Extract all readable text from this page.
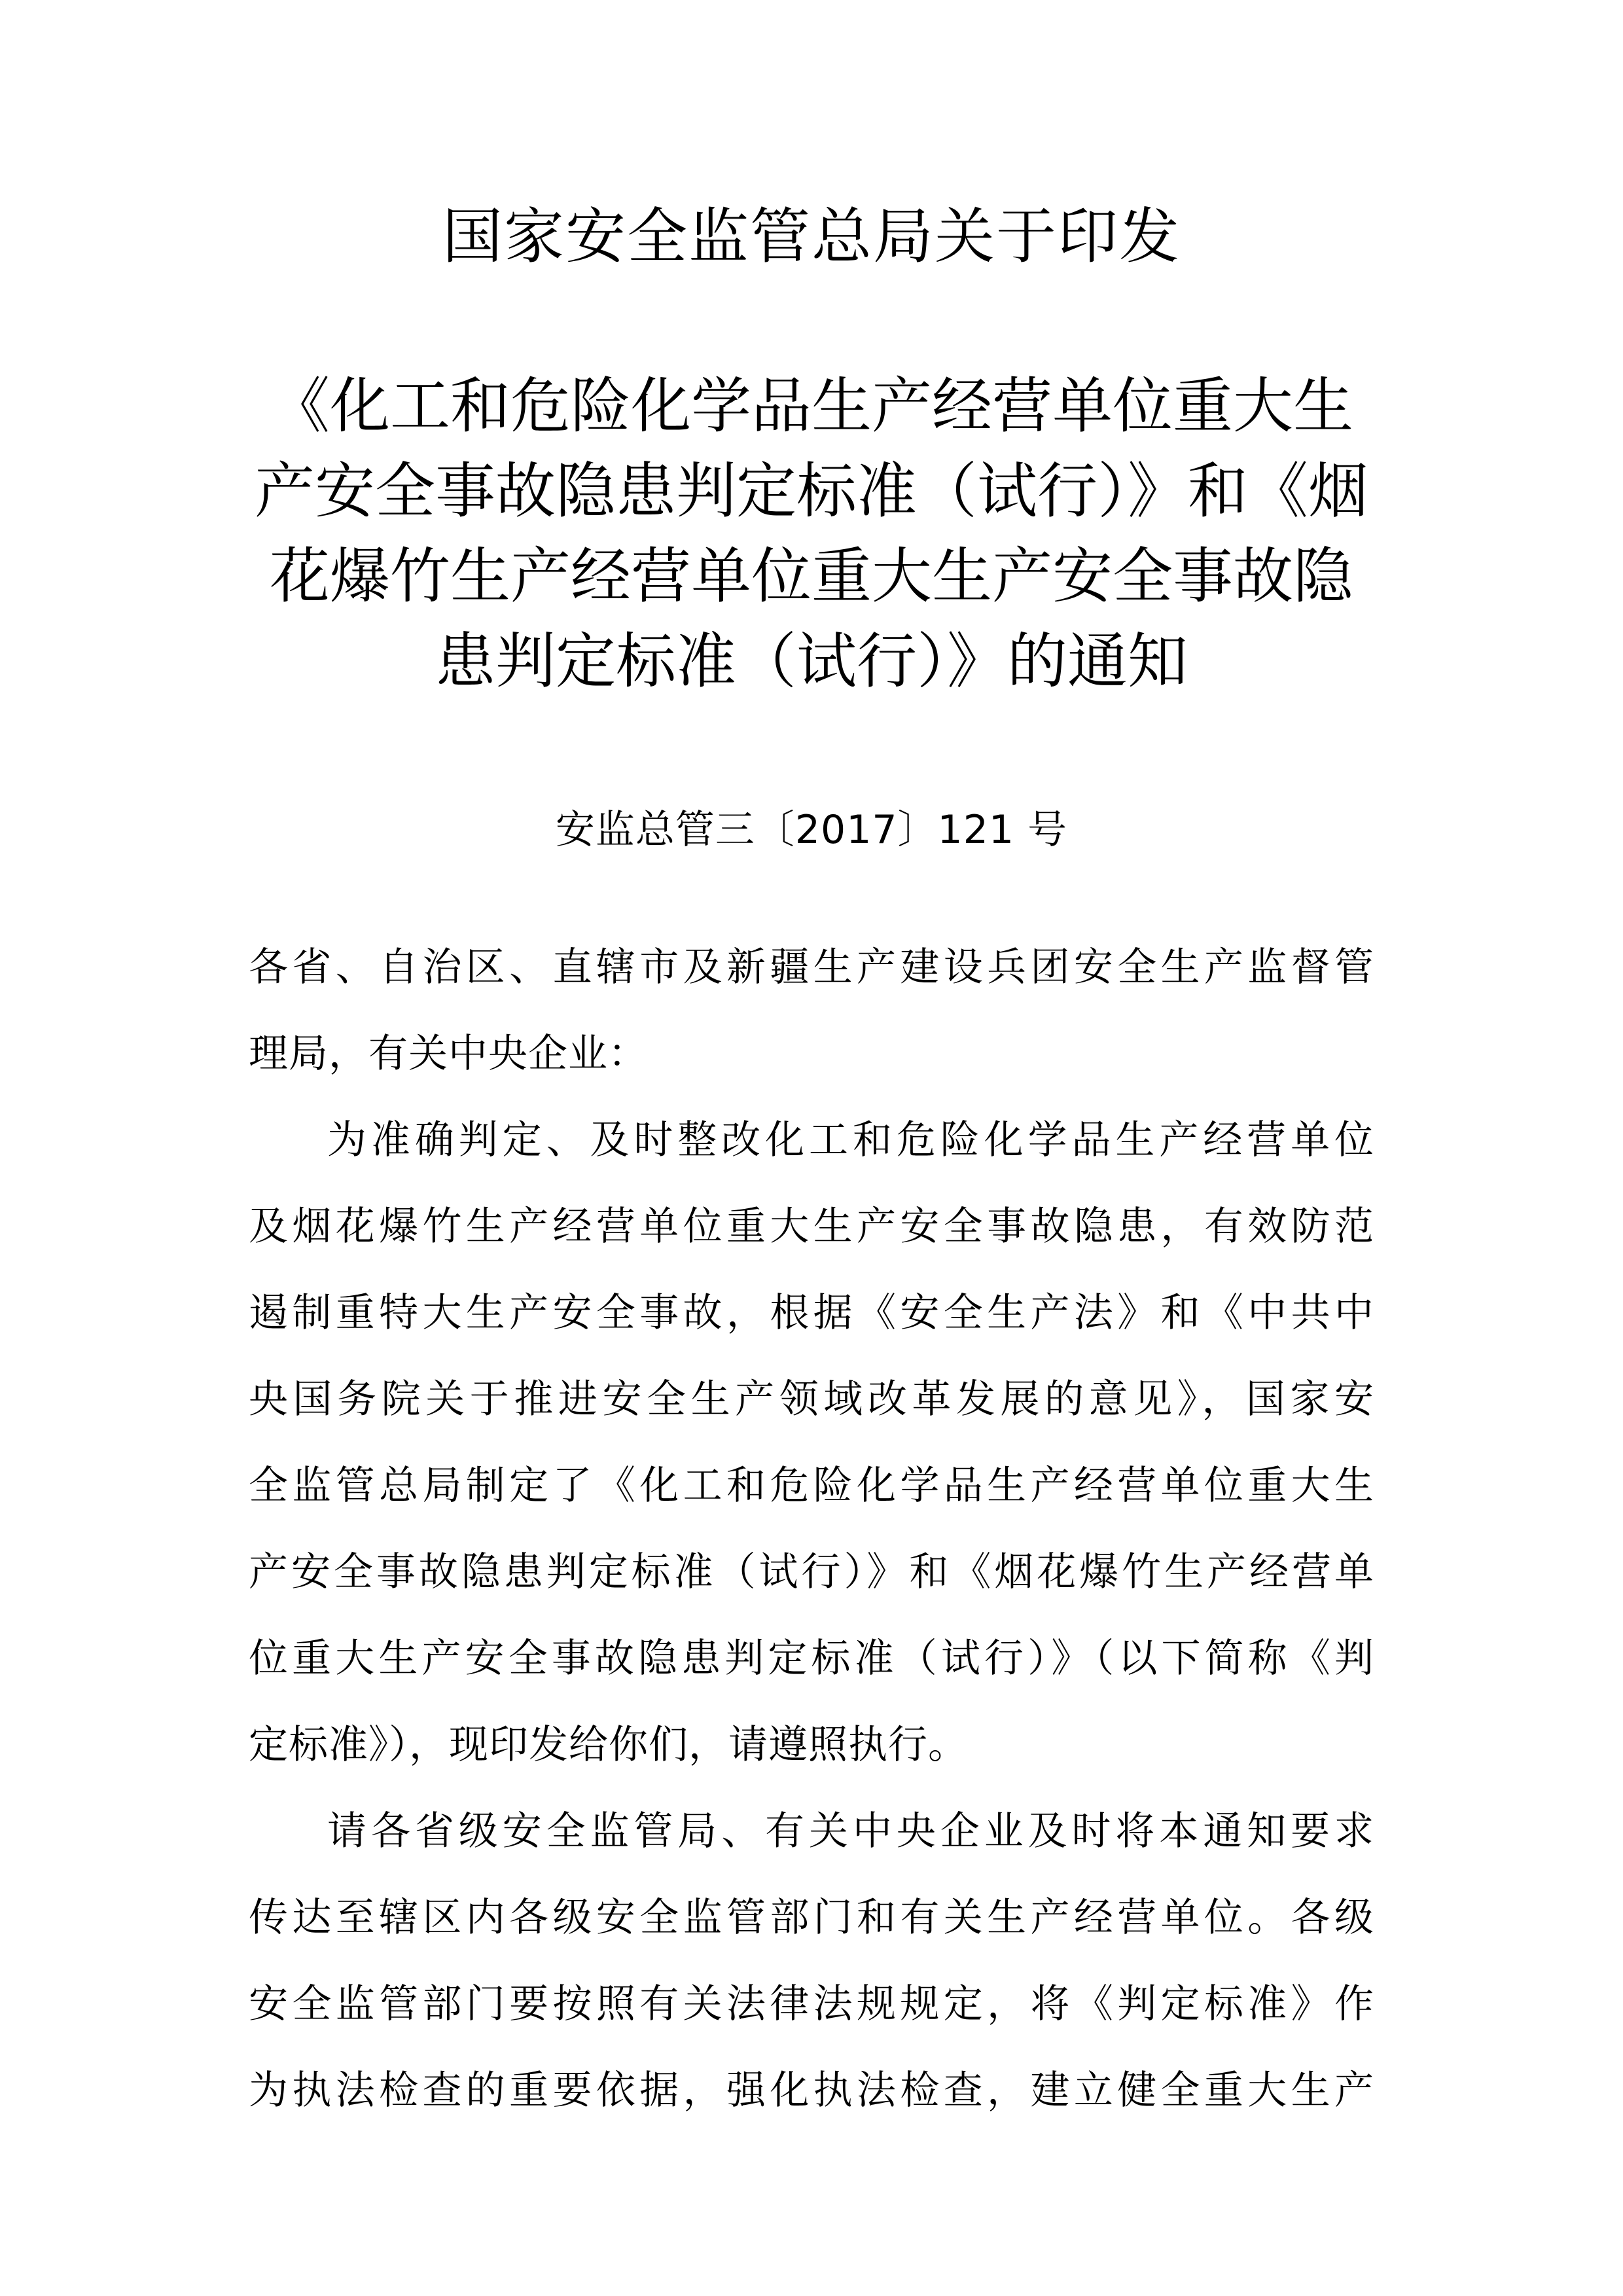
国家安全监管总局关于印发
《化工和危险化学品生产经营单位重大生
产安全事故隐患判定标准（试行）》和《烟
花爆竹生产经营单位重大生产安全事故隐
患判定标准（试行）》的通知
安监总管三〔2017〕121 号

各省、自治区、直辖市及新疆生产建设兵团安全生产监督管
理局，有关中央企业：

为准确判定、及时整改化工和危险化学品生产经营单位
及烟花爆竹生产经营单位重大生产安全事故隐患，有效防范
遏制重特大生产安全事故，根据《安全生产法》和《中共中
央国务院关于推进安全生产领域改革发展的意见》，国家安
全监管总局制定了《化工和危险化学品生产经营单位重大生
产安全事故隐患判定标准（试行）》和《烟花爆竹生产经营单
位重大生产安全事故隐患判定标准（试行）》（以下简称《判
定标准》），现印发给你们，请遵照执行。

请各省级安全监管局、有关中央企业及时将本通知要求
传达至辖区内各级安全监管部门和有关生产经营单位。各级
安全监管部门要按照有关法律法规规定，将《判定标准》作
为执法检查的重要依据，强化执法检查，建立健全重大生产
